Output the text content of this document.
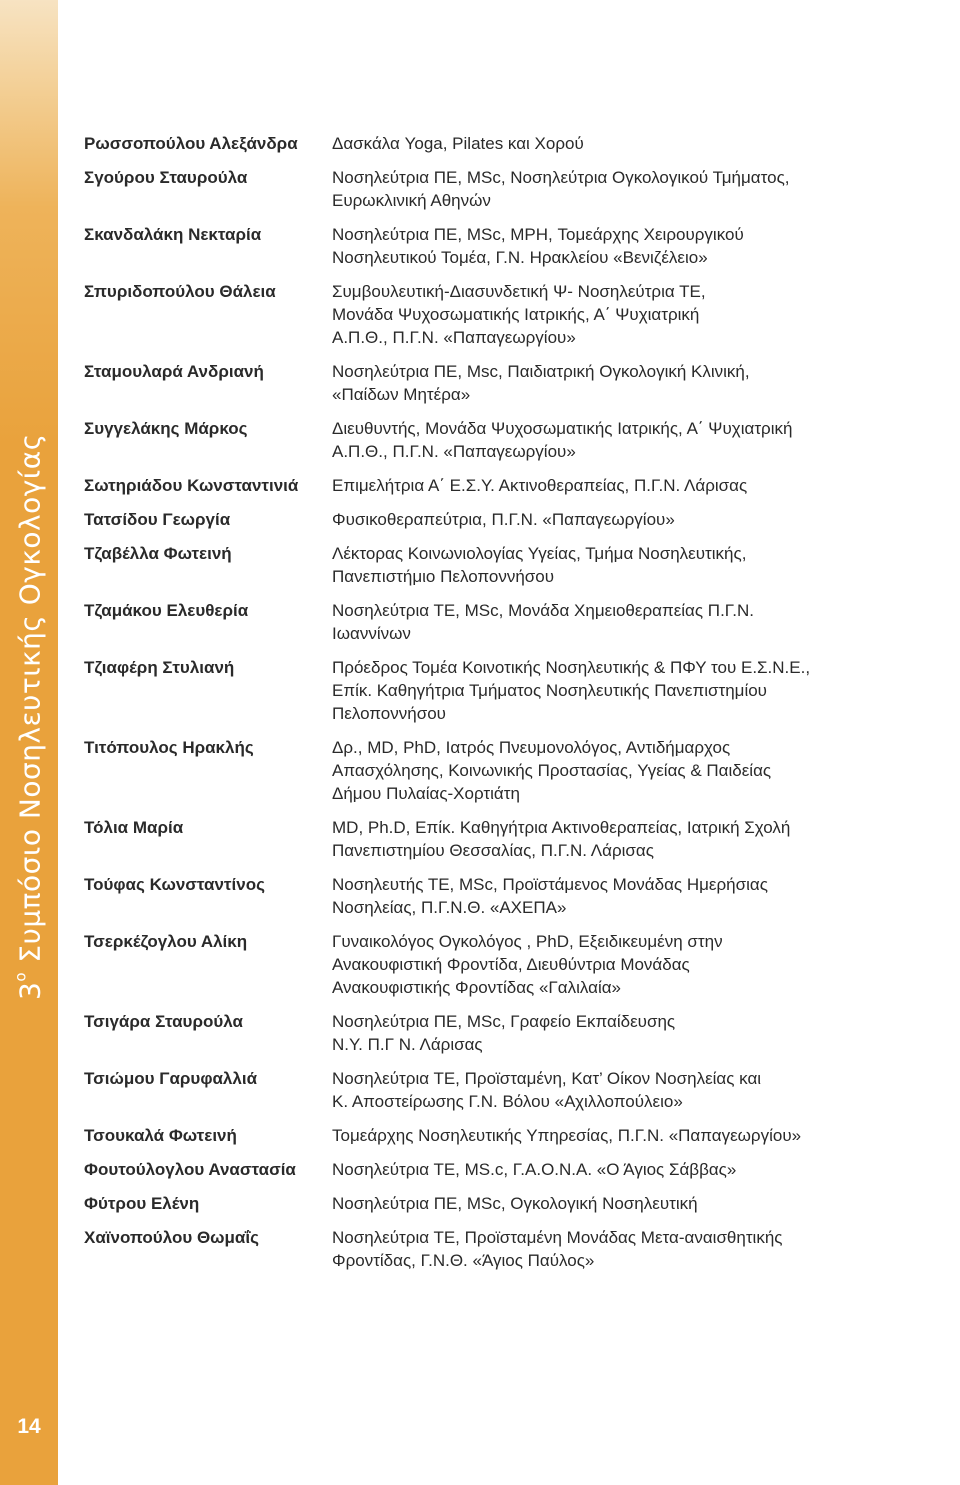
$3^o$ Συμπόσιο Νοσηλευτικής Ογκολογίας
14
Ρωσσοπούλου Αλεξάνδρα	Δασκάλα Yoga, Pilates και Χορού
Σγούρου Σταυρούλα	Νοσηλεύτρια ΠΕ, MSc, Νοσηλεύτρια Ογκολογικού Τμήματος,
Ευρωκλινική Αθηνών
Σκανδαλάκη Νεκταρία	Νοσηλεύτρια ΠΕ, MSc, MPH, Τομεάρχης Χειρουργικού
Νοσηλευτικού Τομέα, Γ.Ν. Ηρακλείου «Βενιζέλειο»
Σπυριδοπούλου Θάλεια	Συμβουλευτική-Διασυνδετική Ψ- Νοσηλεύτρια ΤΕ,
Μονάδα Ψυχοσωματικής Ιατρικής, Α΄ Ψυχιατρική
Α.Π.Θ., Π.Γ.Ν. «Παπαγεωργίου»
Σταμουλαρά Ανδριανή	Νοσηλεύτρια ΠΕ, Msc, Παιδιατρική Ογκολογική Κλινική,
«Παίδων Μητέρα»
Συγγελάκης Μάρκος	Διευθυντής, Μονάδα Ψυχοσωματικής Ιατρικής, Α΄ Ψυχιατρική
Α.Π.Θ., Π.Γ.Ν. «Παπαγεωργίου»
Σωτηριάδου Κωνσταντινιά	Επιμελήτρια Α΄ Ε.Σ.Υ. Ακτινοθεραπείας, Π.Γ.Ν. Λάρισας
Τατσίδου Γεωργία	Φυσικοθεραπεύτρια, Π.Γ.Ν. «Παπαγεωργίου»
Τζαβέλλα Φωτεινή	Λέκτορας Κοινωνιολογίας Υγείας, Τμήμα Νοσηλευτικής,
Πανεπιστήμιο Πελοποννήσου
Τζαμάκου Ελευθερία	Νοσηλεύτρια ΤΕ, MSc, Μονάδα Χημειοθεραπείας Π.Γ.Ν.
Ιωαννίνων
Τζιαφέρη Στυλιανή	Πρόεδρος Τομέα Κοινοτικής Νοσηλευτικής & ΠΦΥ του Ε.Σ.Ν.Ε.,
Επίκ. Καθηγήτρια Τμήματος Νοσηλευτικής Πανεπιστημίου
Πελοποννήσου
Τιτόπουλος Ηρακλής	Δρ., MD, PhD, Ιατρός Πνευμονολόγος, Αντιδήμαρχος
Απασχόλησης, Κοινωνικής Προστασίας, Υγείας & Παιδείας
Δήμου Πυλαίας-Χορτιάτη
Τόλια Μαρία	MD, Ph.D, Επίκ. Καθηγήτρια Ακτινοθεραπείας, Ιατρική Σχολή
Πανεπιστημίου Θεσσαλίας, Π.Γ.Ν. Λάρισας
Τούφας Κωνσταντίνος	Νοσηλευτής ΤΕ, MSc, Προϊστάμενος Μονάδας Ημερήσιας
Νοσηλείας, Π.Γ.Ν.Θ. «ΑΧΕΠΑ»
Τσερκέζογλου Αλίκη	Γυναικολόγος Ογκολόγος , PhD, Εξειδικευμένη στην
Ανακουφιστική Φροντίδα, Διευθύντρια Μονάδας
Ανακουφιστικής Φροντίδας «Γαλιλαία»
Τσιγάρα Σταυρούλα	Νοσηλεύτρια ΠΕ, MSc, Γραφείο Εκπαίδευσης
Ν.Υ. Π.Γ Ν. Λάρισας
Τσιώμου Γαρυφαλλιά	Νοσηλεύτρια ΤΕ, Προϊσταμένη, Κατ’ Οίκον Νοσηλείας και
Κ. Αποστείρωσης Γ.Ν. Βόλου «Αχιλλοπούλειο»
Τσουκαλά Φωτεινή	Τομεάρχης Νοσηλευτικής Υπηρεσίας, Π.Γ.Ν. «Παπαγεωργίου»
Φουτούλογλου Αναστασία	Νοσηλεύτρια ΤΕ, MS.c, Γ.Α.Ο.Ν.Α. «Ο Άγιος Σάββας»
Φύτρου Ελένη	Νοσηλεύτρια ΠΕ, MSc, Ογκολογική Νοσηλευτική
Χαϊνοπούλου Θωμαΐς	Νοσηλεύτρια ΤΕ, Προϊσταμένη Μονάδας Μετα-αναισθητικής
Φροντίδας, Γ.Ν.Θ. «Άγιος Παύλος»
